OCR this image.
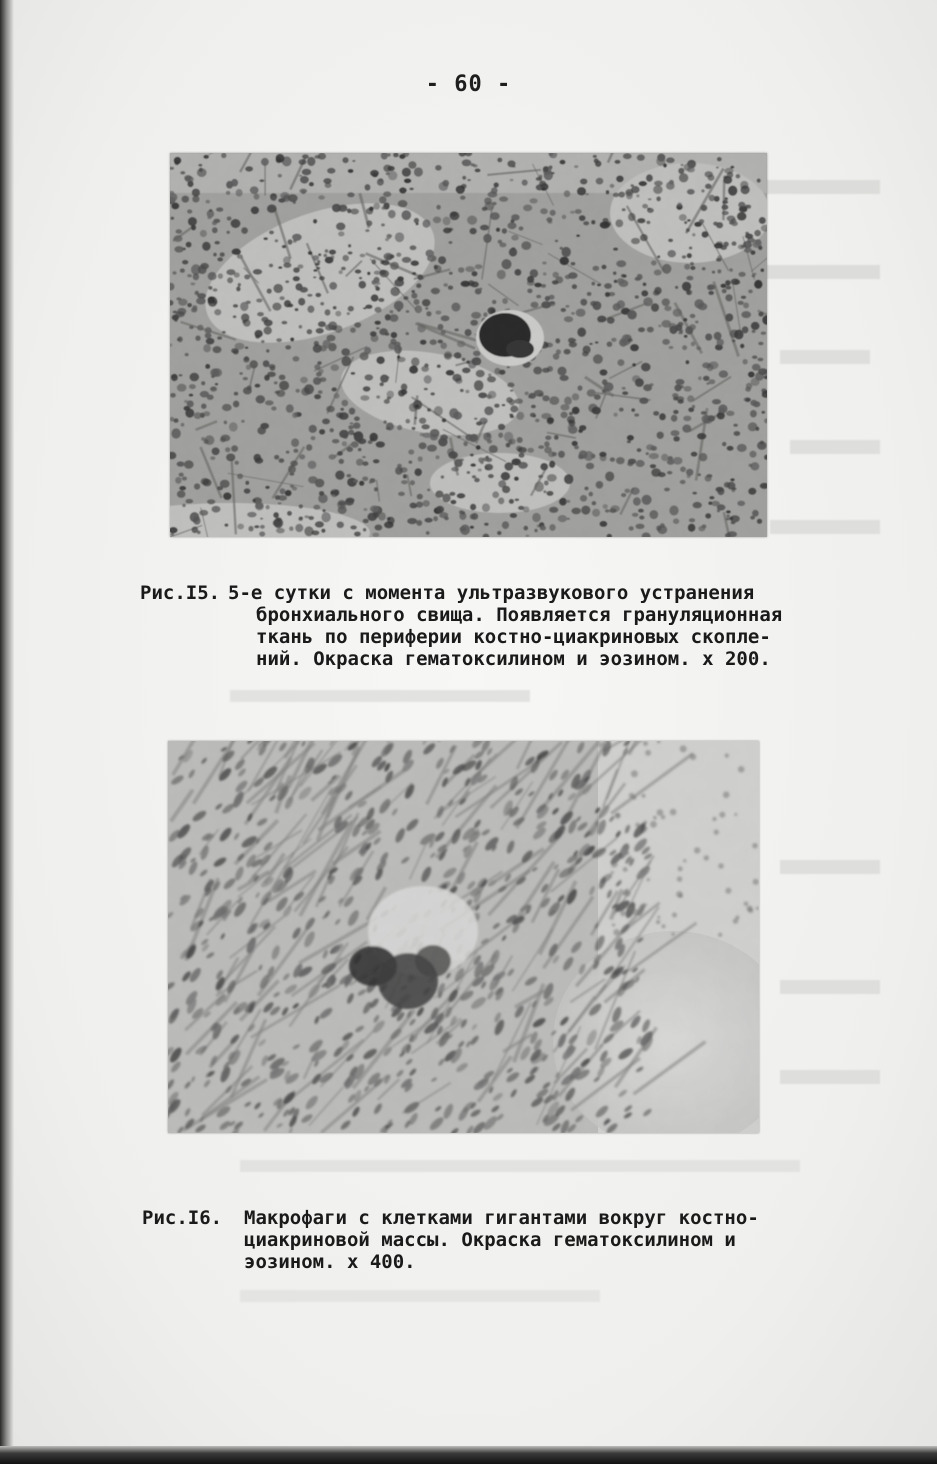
- 60 -
Рис.I5. 5-е сутки с момента ультразвукового устранения
бронхиального свища. Появляется грануляционная
ткань по периферии костно-циакриновых скопле-
ний. Окраска гематоксилином и эозином. х 200.
Рис.I6. Макрофаги с клетками гигантами вокруг костно-
циакриновой массы. Окраска гематоксилином и
эозином. х 400.
